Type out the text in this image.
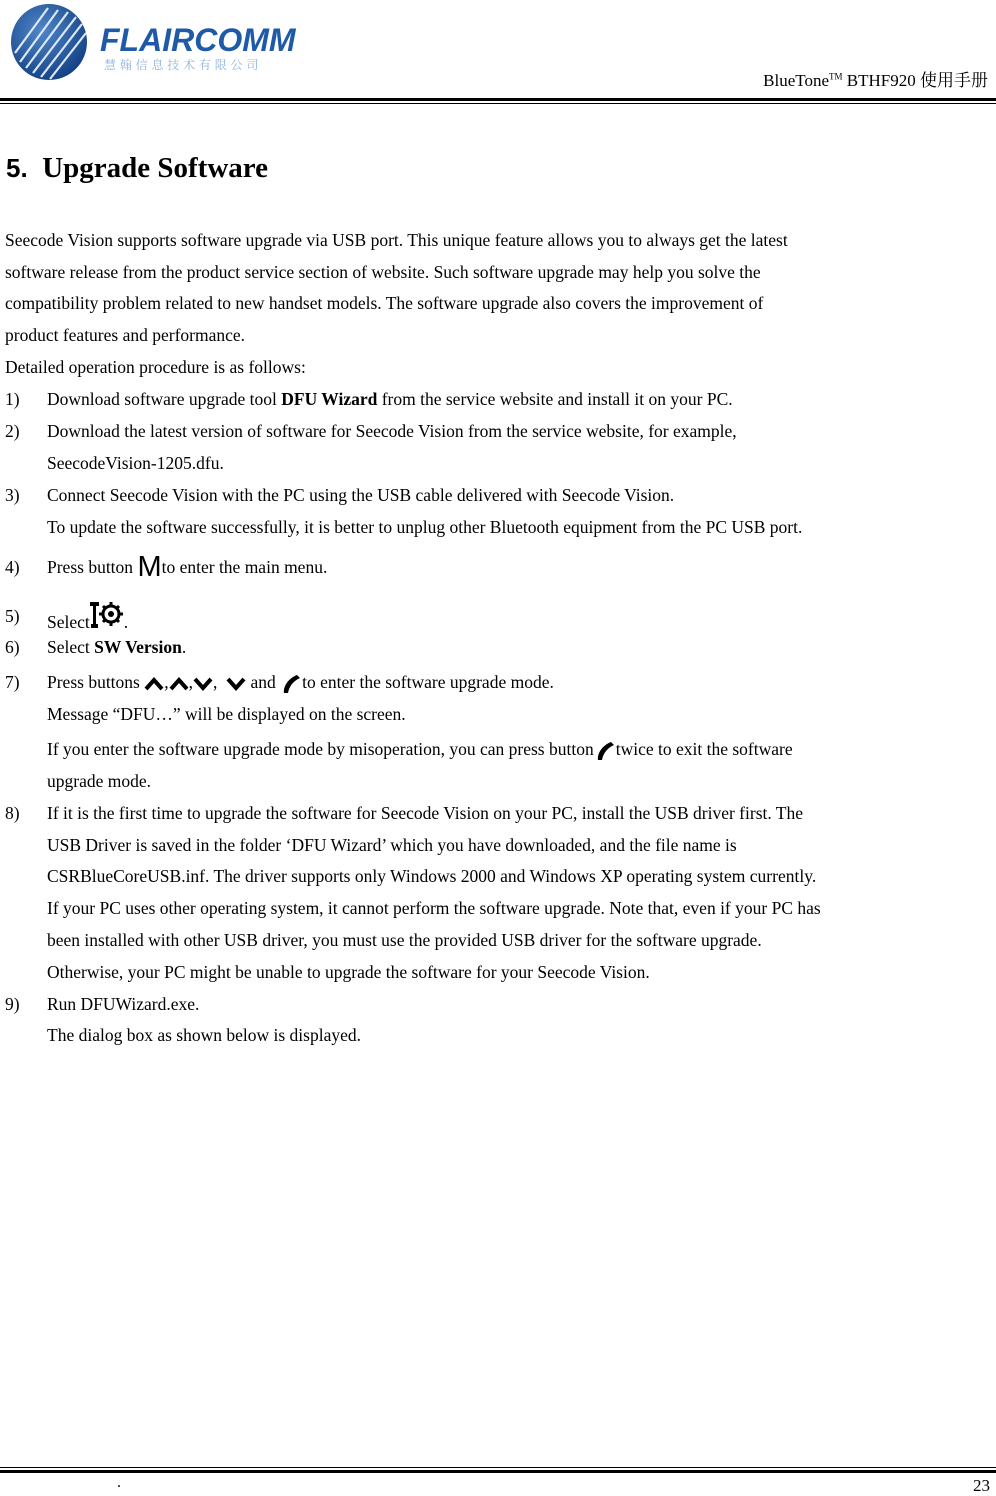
FLAIRCOMM
慧 翰 信 息 技 术 有 限 公 司
BlueTone™ BTHF920 使用手册
5. Upgrade Software
Seecode Vision supports software upgrade via USB port. This unique feature allows you to always get the latest
software release from the product service section of website. Such software upgrade may help you solve the
compatibility problem related to new handset models. The software upgrade also covers the improvement of
product features and performance.
Detailed operation procedure is as follows:
1) Download software upgrade tool DFU Wizard from the service website and install it on your PC.
2) Download the latest version of software for Seecode Vision from the service website, for example,
SeecodeVision-1205.dfu.
3) Connect Seecode Vision with the PC using the USB cable delivered with Seecode Vision.
To update the software successfully, it is better to unplug other Bluetooth equipment from the PC USB port.
4) Press button Mto enter the main menu.
5) Select .
6) Select SW Version.
7) Press buttons , , ,   and to enter the software upgrade mode.
Message “DFU…” will be displayed on the screen.
If you enter the software upgrade mode by misoperation, you can press button twice to exit the software
upgrade mode.
8) If it is the first time to upgrade the software for Seecode Vision on your PC, install the USB driver first. The
USB Driver is saved in the folder ‘DFU Wizard’ which you have downloaded, and the file name is
CSRBlueCoreUSB.inf. The driver supports only Windows 2000 and Windows XP operating system currently.
If your PC uses other operating system, it cannot perform the software upgrade. Note that, even if your PC has
been installed with other USB driver, you must use the provided USB driver for the software upgrade.
Otherwise, your PC might be unable to upgrade the software for your Seecode Vision.
9) Run DFUWizard.exe.
The dialog box as shown below is displayed.
.	23
